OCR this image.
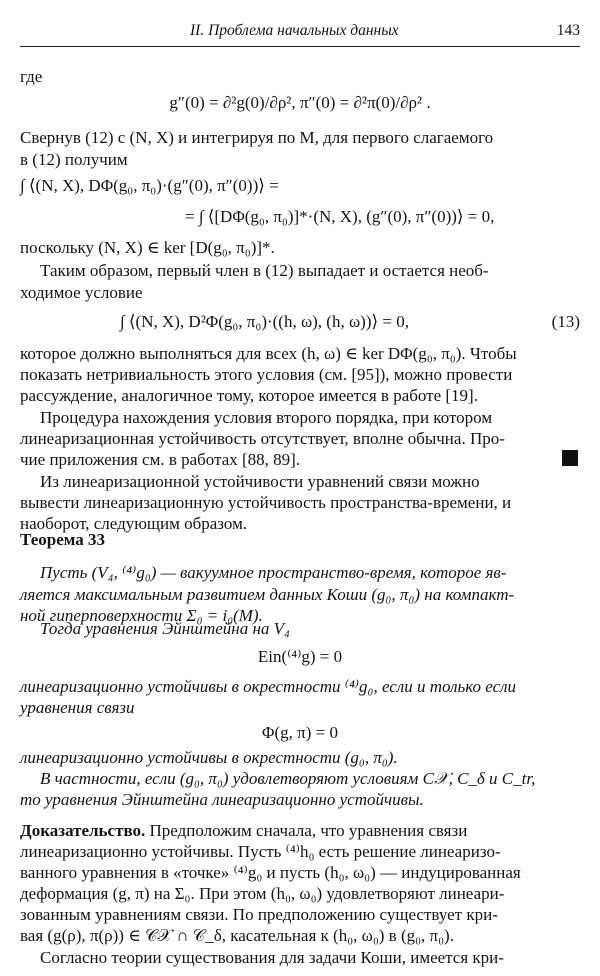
II. Проблема начальных данных	143
где
g″(0) = ∂²g(0)/∂ρ², π″(0) = ∂²π(0)/∂ρ² .
Свернув (12) с (N, X) и интегрируя по M, для первого слагаемого
в (12) получим
∫ ⟨(N, X), DΦ(g₀, π₀)·(g″(0), π″(0))⟩ =
= ∫ ⟨[DΦ(g₀, π₀)]*·(N, X), (g″(0), π″(0))⟩ = 0,
поскольку (N, X) ∈ ker [D(g₀, π₀)]*.
Таким образом, первый член в (12) выпадает и остается необ-
ходимое условие
∫ ⟨(N, X), D²Φ(g₀, π₀)·((h, ω), (h, ω))⟩ = 0,
которое должно выполняться для всех (h, ω) ∈ ker DΦ(g₀, π₀). Чтобы
показать нетривиальность этого условия (см. [95]), можно провести
рассуждение, аналогичное тому, которое имеется в работе [19].
Процедура нахождения условия второго порядка, при котором
линеаризационная устойчивость отсутствует, вполне обычна. Про-
чие приложения см. в работах [88, 89].
Из линеаризационной устойчивости уравнений связи можно
вывести линеаризационную устойчивость пространства-времени, и
наоборот, следующим образом.
Теорема 33
Пусть (V₄, ⁽⁴⁾g₀) — вакуумное пространство-время, которое яв-
ляется максимальным развитием данных Коши (g₀, π₀) на компакт-
ной гиперповерхности Σ₀ = i₀(M).
Тогда уравнения Эйнштейна на V₄
Ein(⁽⁴⁾g) = 0
линеаризационно устойчивы в окрестности ⁽⁴⁾g₀, если и только если
уравнения связи
Φ(g, π) = 0
линеаризационно устойчивы в окрестности (g₀, π₀).
В частности, если (g₀, π₀) удовлетворяют условиям C𝒳, C_δ и C_tr,
то уравнения Эйнштейна линеаризационно устойчивы.
Доказательство. Предположим сначала, что уравнения связи
линеаризационно устойчивы. Пусть ⁽⁴⁾h₀ есть решение линеаризо-
ванного уравнения в «точке» ⁽⁴⁾g₀ и пусть (h₀, ω₀) — индуцированная
деформация (g, π) на Σ₀. При этом (h₀, ω₀) удовлетворяют линеари-
зованным уравнениям связи. По предположению существует кри-
вая (g(ρ), π(ρ)) ∈ 𝒞𝒳 ∩ 𝒞_δ, касательная к (h₀, ω₀) в (g₀, π₀).
Согласно теории существования для задачи Коши, имеется кри-
(13)
